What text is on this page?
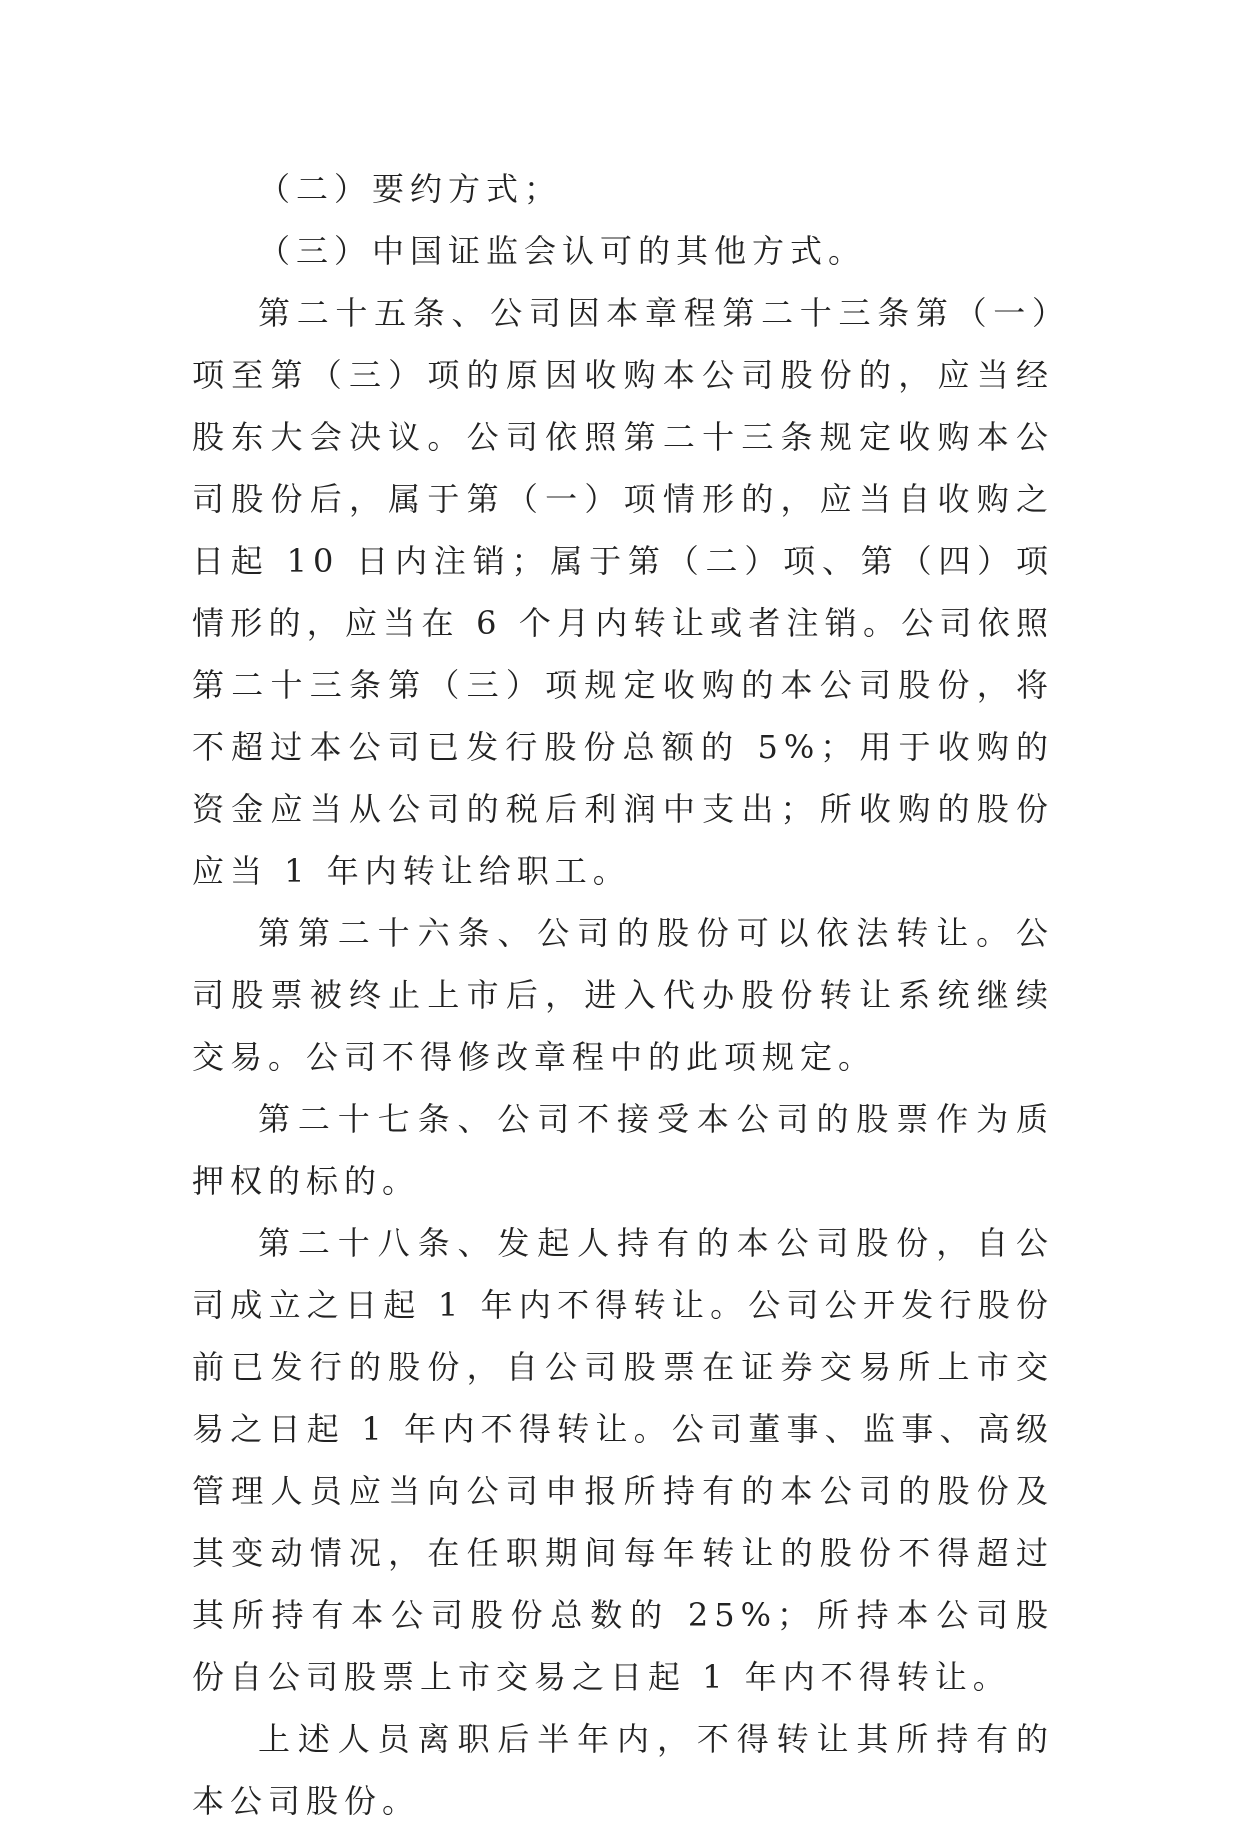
（二）要约方式；

（三）中国证监会认可的其他方式。

第二十五条、公司因本章程第二十三条第（一）项至第（三）项的原因收购本公司股份的，应当经股东大会决议。公司依照第二十三条规定收购本公司股份后，属于第（一）项情形的，应当自收购之日起 10 日内注销；属于第（二）项、第（四）项情形的，应当在 6 个月内转让或者注销。公司依照第二十三条第（三）项规定收购的本公司股份，将不超过本公司已发行股份总额的 5%；用于收购的资金应当从公司的税后利润中支出；所收购的股份应当 1 年内转让给职工。

第第二十六条、公司的股份可以依法转让。公司股票被终止上市后，进入代办股份转让系统继续交易。公司不得修改章程中的此项规定。

第二十七条、公司不接受本公司的股票作为质押权的标的。

第二十八条、发起人持有的本公司股份，自公司成立之日起 1 年内不得转让。公司公开发行股份前已发行的股份，自公司股票在证券交易所上市交易之日起 1 年内不得转让。公司董事、监事、高级管理人员应当向公司申报所持有的本公司的股份及其变动情况，在任职期间每年转让的股份不得超过其所持有本公司股份总数的 25%；所持本公司股份自公司股票上市交易之日起 1 年内不得转让。

上述人员离职后半年内，不得转让其所持有的本公司股份。
